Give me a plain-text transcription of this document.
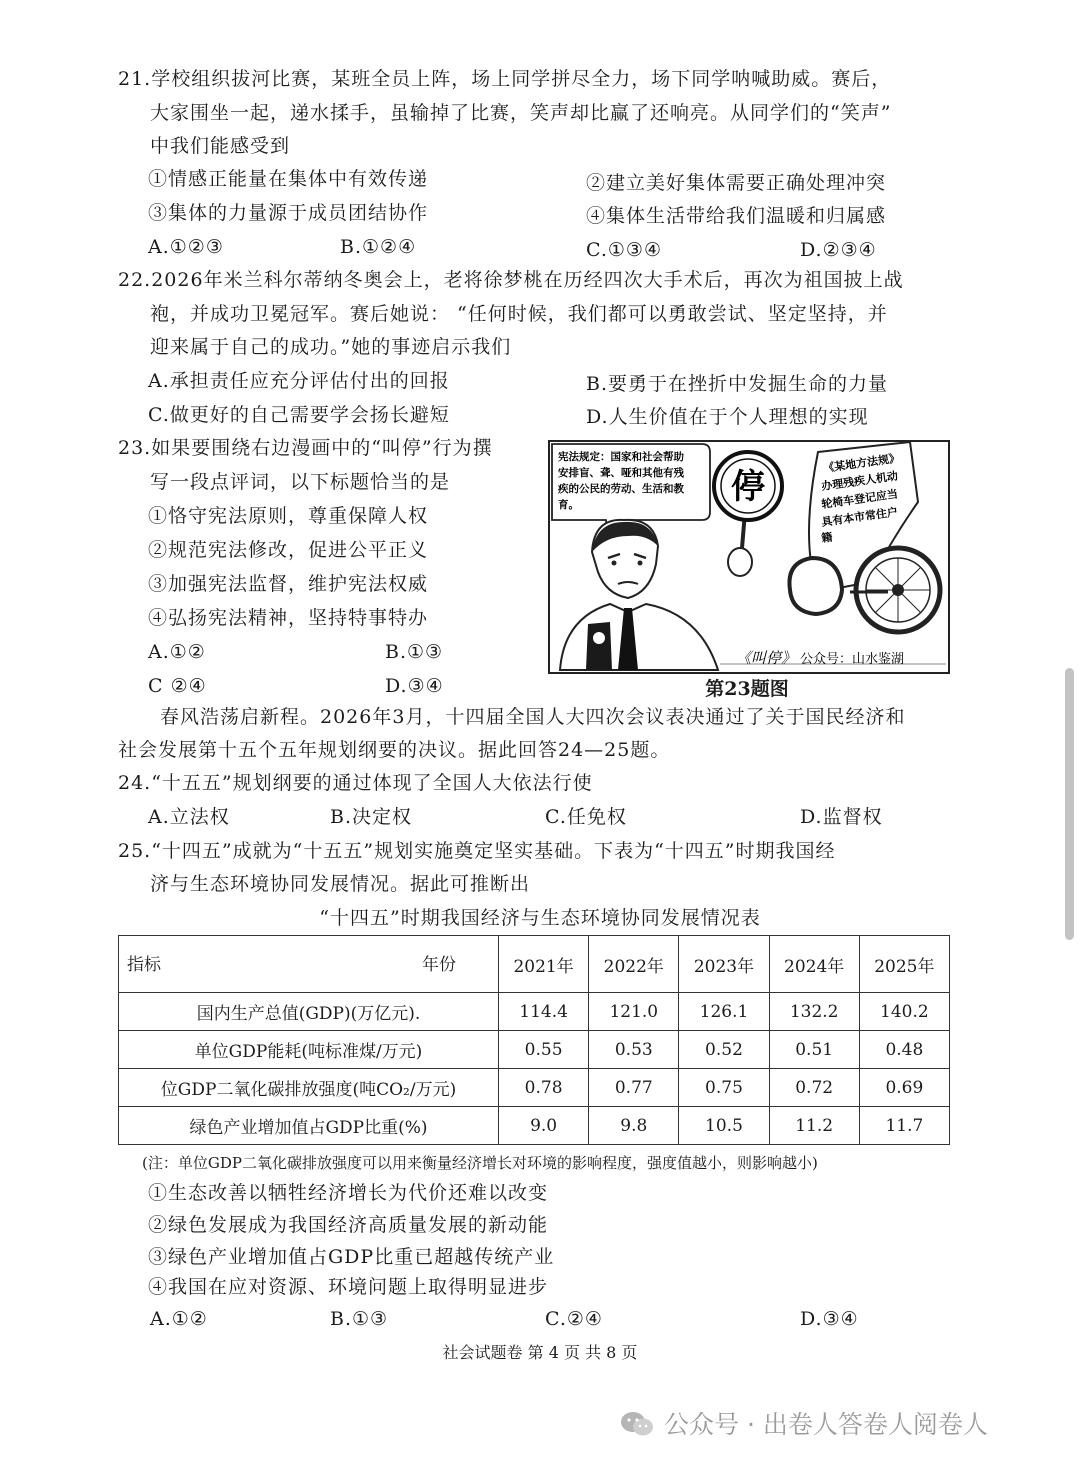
21.学校组织拔河比赛，某班全员上阵，场上同学拼尽全力，场下同学呐喊助威。赛后，
大家围坐一起，递水揉手，虽输掉了比赛，笑声却比赢了还响亮。从同学们的“笑声”
中我们能感受到
①情感正能量在集体中有效传递	②建立美好集体需要正确处理冲突
③集体的力量源于成员团结协作	④集体生活带给我们温暖和归属感
A.①②③	B.①②④	C.①③④	D.②③④
22.2026年米兰科尔蒂纳冬奥会上，老将徐梦桃在历经四次大手术后，再次为祖国披上战
袍，并成功卫冕冠军。赛后她说： “任何时候，我们都可以勇敢尝试、坚定坚持，并
迎来属于自己的成功。”她的事迹启示我们
A.承担责任应充分评估付出的回报	B.要勇于在挫折中发掘生命的力量
C.做更好的自己需要学会扬长避短	D.人生价值在于个人理想的实现
23.如果要围绕右边漫画中的“叫停”行为撰
写一段点评词，以下标题恰当的是
①恪守宪法原则，尊重保障人权
②规范宪法修改，促进公平正义
③加强宪法监督，维护宪法权威
④弘扬宪法精神，坚持特事特办
A.①②	B.①③
C ②④	D.③④
宪法规定：国家和社会帮助
安排盲、聋、哑和其他有残
疾的公民的劳动、生活和教
育。	停
《某地方法规》
办理残疾人机动
轮椅车登记应当
具有本市常住户
籍
《叫停》 公众号：山水鉴湖
第23题图
春风浩荡启新程。2026年3月，十四届全国人大四次会议表决通过了关于国民经济和
社会发展第十五个五年规划纲要的决议。据此回答24—25题。
24.“十五五”规划纲要的通过体现了全国人大依法行使
A.立法权	B.决定权	C.任免权	D.监督权
25.“十四五”成就为“十五五”规划实施奠定坚实基础。下表为“十四五”时期我国经
济与生态环境协同发展情况。据此可推断出
“十四五”时期我国经济与生态环境协同发展情况表
指标 年份	2021年	2022年	2023年	2024年	2025年
国内生产总值(GDP)(万亿元).	114.4	121.0	126.1	132.2	140.2
单位GDP能耗(吨标准煤/万元)	0.55	0.53	0.52	0.51	0.48
位GDP二氧化碳排放强度(吨CO₂/万元)	0.78	0.77	0.75	0.72	0.69
绿色产业增加值占GDP比重(%)	9.0	9.8	10.5	11.2	11.7
(注：单位GDP二氧化碳排放强度可以用来衡量经济增长对环境的影响程度，强度值越小，则影响越小)
①生态改善以牺牲经济增长为代价还难以改变
②绿色发展成为我国经济高质量发展的新动能
③绿色产业增加值占GDP比重已超越传统产业
④我国在应对资源、环境问题上取得明显进步
A.①②	B.①③	C.②④	D.③④
社会试题卷 第 4 页 共 8 页
公众号 · 出卷人答卷人阅卷人
